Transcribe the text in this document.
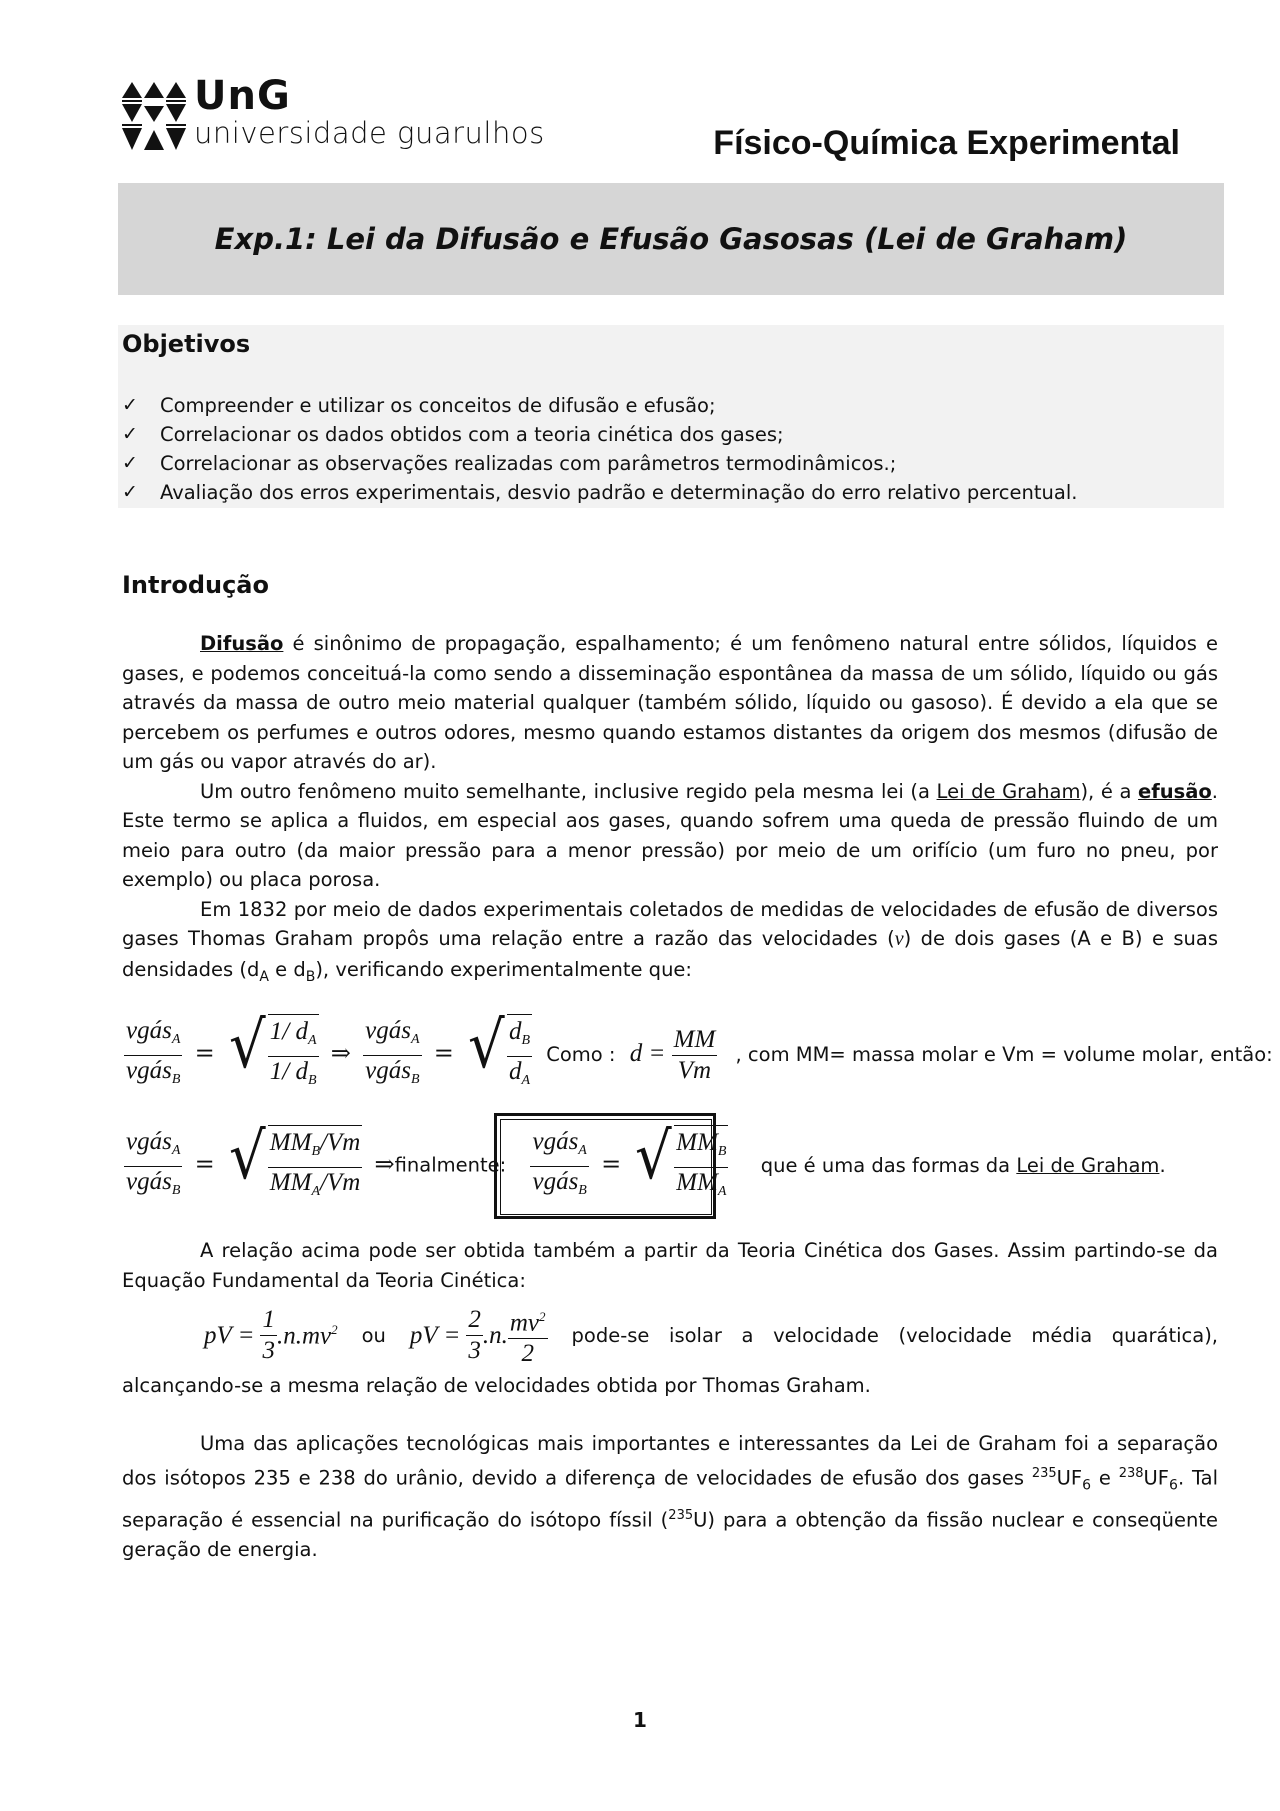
UnG
universidade guarulhos	Físico-Química Experimental
Exp.1: Lei da Difusão e Efusão Gasosas (Lei de Graham)
Objetivos
✓	Compreender e utilizar os conceitos de difusão e efusão;
✓	Correlacionar os dados obtidos com a teoria cinética dos gases;
✓	Correlacionar as observações realizadas com parâmetros termodinâmicos.;
✓	Avaliação dos erros experimentais, desvio padrão e determinação do erro relativo percentual.
Introdução

Difusão é sinônimo de propagação, espalhamento; é um fenômeno natural entre sólidos, líquidos e gases, e podemos conceituá-la como sendo a disseminação espontânea da massa de um sólido, líquido ou gás através da massa de outro meio material qualquer (também sólido, líquido ou gasoso). É devido a ela que se percebem os perfumes e outros odores, mesmo quando estamos distantes da origem dos mesmos (difusão de um gás ou vapor através do ar).

Um outro fenômeno muito semelhante, inclusive regido pela mesma lei (a Lei de Graham), é a efusão. Este termo se aplica a fluidos, em especial aos gases, quando sofrem uma queda de pressão fluindo de um meio para outro (da maior pressão para a menor pressão) por meio de um orifício (um furo no pneu, por exemplo) ou placa porosa.

Em 1832 por meio de dados experimentais coletados de medidas de velocidades de efusão de diversos gases Thomas Graham propôs uma relação entre a razão das velocidades (ν) de dois gases (A e B) e suas densidades ($d_A$ e $d_B$), verificando experimentalmente que:

$\frac{vgás_A}{vgás_B}$ = √ $\frac{1/ d_A}{1/ d_B}$ ⇒ $\frac{vgás_A}{vgás_B}$ = √ $\frac{d_B}{d_A}$ Como : $d = \frac{MM}{Vm}$ , com MM= massa molar e Vm = volume molar, então:
$\frac{vgás_A}{vgás_B}$ = √ $\frac{MM_B/Vm}{MM_A/Vm}$ ⇒finalmente: $\frac{vgás_A}{vgás_B}$ = √ $\frac{MM_B}{MM_A}$ que é uma das formas da Lei de Graham.

A relação acima pode ser obtida também a partir da Teoria Cinética dos Gases. Assim partindo-se da Equação Fundamental da Teoria Cinética:

pV = $\frac{1}{3} .n.mv^2$ ou pV = $\frac{2}{3} .n$. $\frac{mv^2}{2}$ pode-se isolar a velocidade (velocidade média quarática),
alcançando-se a mesma relação de velocidades obtida por Thomas Graham.

Uma das aplicações tecnológicas mais importantes e interessantes da Lei de Graham foi a separação dos isótopos 235 e 238 do urânio, devido a diferença de velocidades de efusão dos gases $^{235}UF_6$ e $^{238}UF_6$. Tal separação é essencial na purificação do isótopo físsil ($^{235}$U) para a obtenção da fissão nuclear e conseqüente geração de energia.

1
